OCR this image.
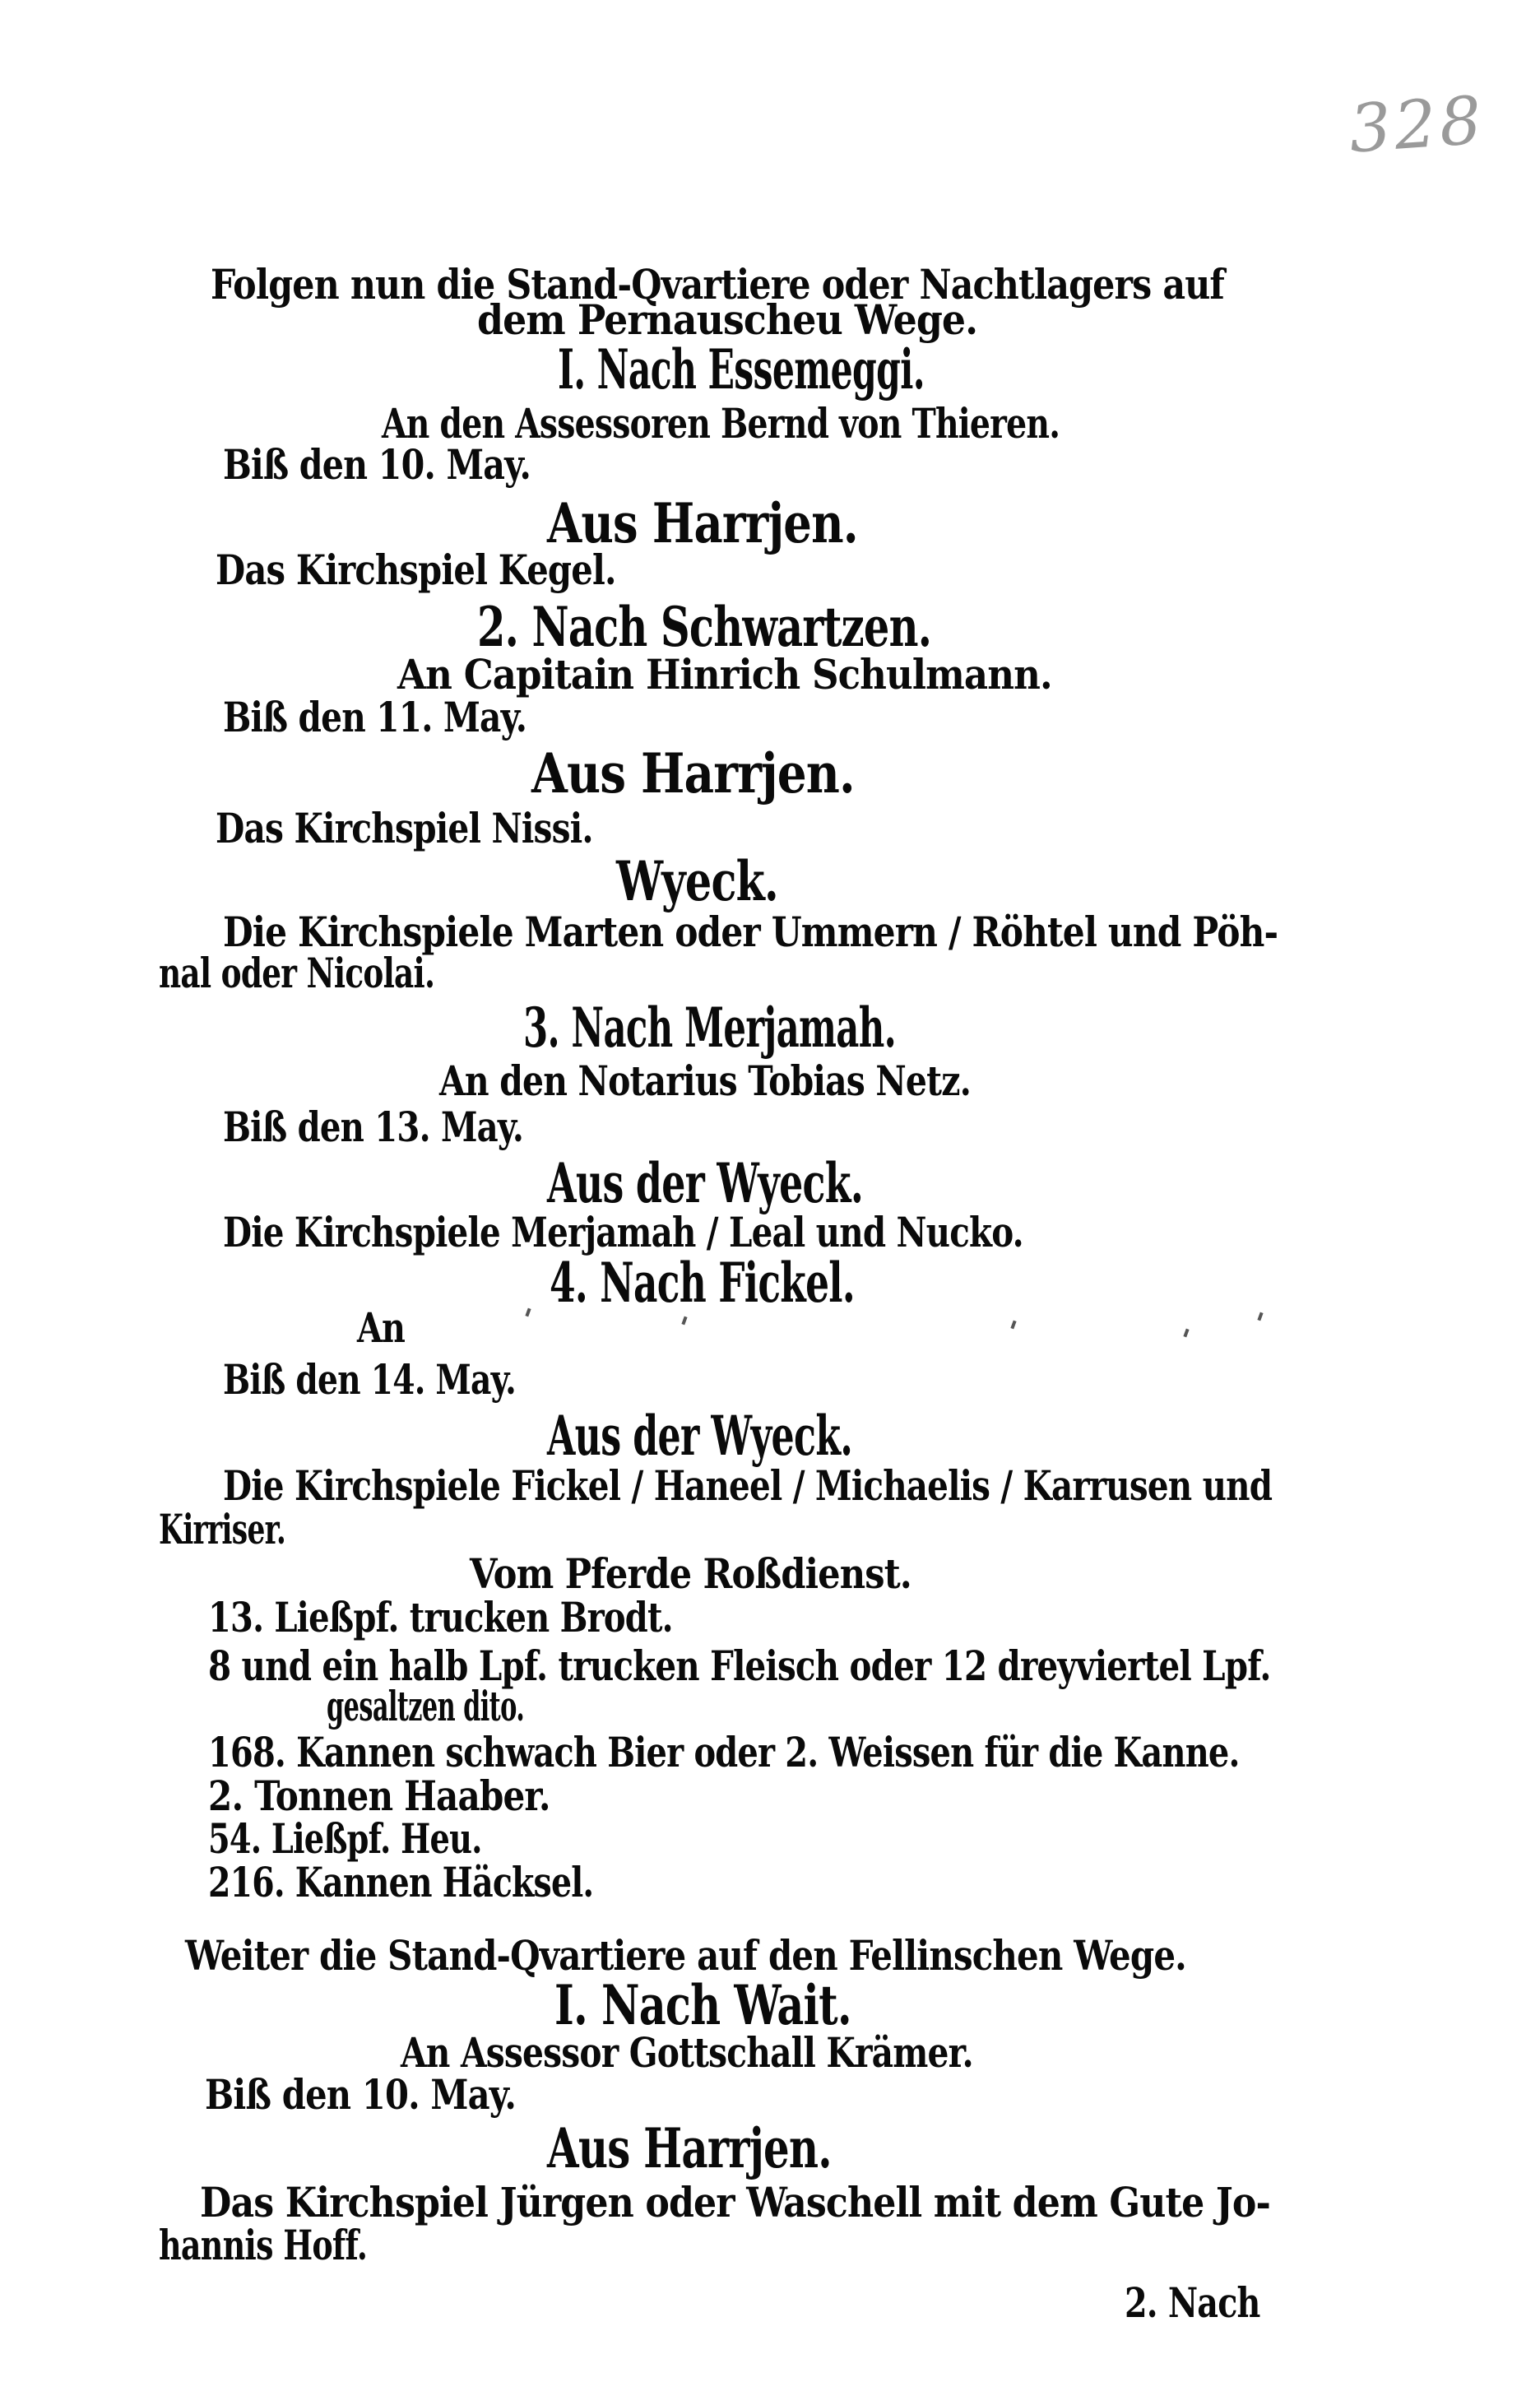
328
Folgen nun die Stand-Qvartiere oder Nachtlagers auf
dem Pernauscheu Wege.
I. Nach Essemeggi.
An den Assessoren Bernd von Thieren.
Biß den 10. May.
Aus Harrjen.
Das Kirchspiel Kegel.
2. Nach Schwartzen.
An Capitain Hinrich Schulmann.
Biß den 11. May.
Aus Harrjen.
Das Kirchspiel Nissi.
Wyeck.
Die Kirchspiele Marten oder Ummern / Röhtel und Pöh-
nal oder Nicolai.
3. Nach Merjamah.
An den Notarius Tobias Netz.
Biß den 13. May.
Aus der Wyeck.
Die Kirchspiele Merjamah / Leal und Nucko.
4. Nach Fickel.
An
Biß den 14. May.
Aus der Wyeck.
Die Kirchspiele Fickel / Haneel / Michaelis / Karrusen und
Kirriser.
Vom Pferde Roßdienst.
13. Ließpf. trucken Brodt.
8 und ein halb Lpf. trucken Fleisch oder 12 dreyviertel Lpf.
gesaltzen dito.
168. Kannen schwach Bier oder 2. Weissen für die Kanne.
2. Tonnen Haaber.
54. Ließpf. Heu.
216. Kannen Häcksel.
Weiter die Stand-Qvartiere auf den Fellinschen Wege.
I. Nach Wait.
An Assessor Gottschall Krämer.
Biß den 10. May.
Aus Harrjen.
Das Kirchspiel Jürgen oder Waschell mit dem Gute Jo-
hannis Hoff.
2. Nach
